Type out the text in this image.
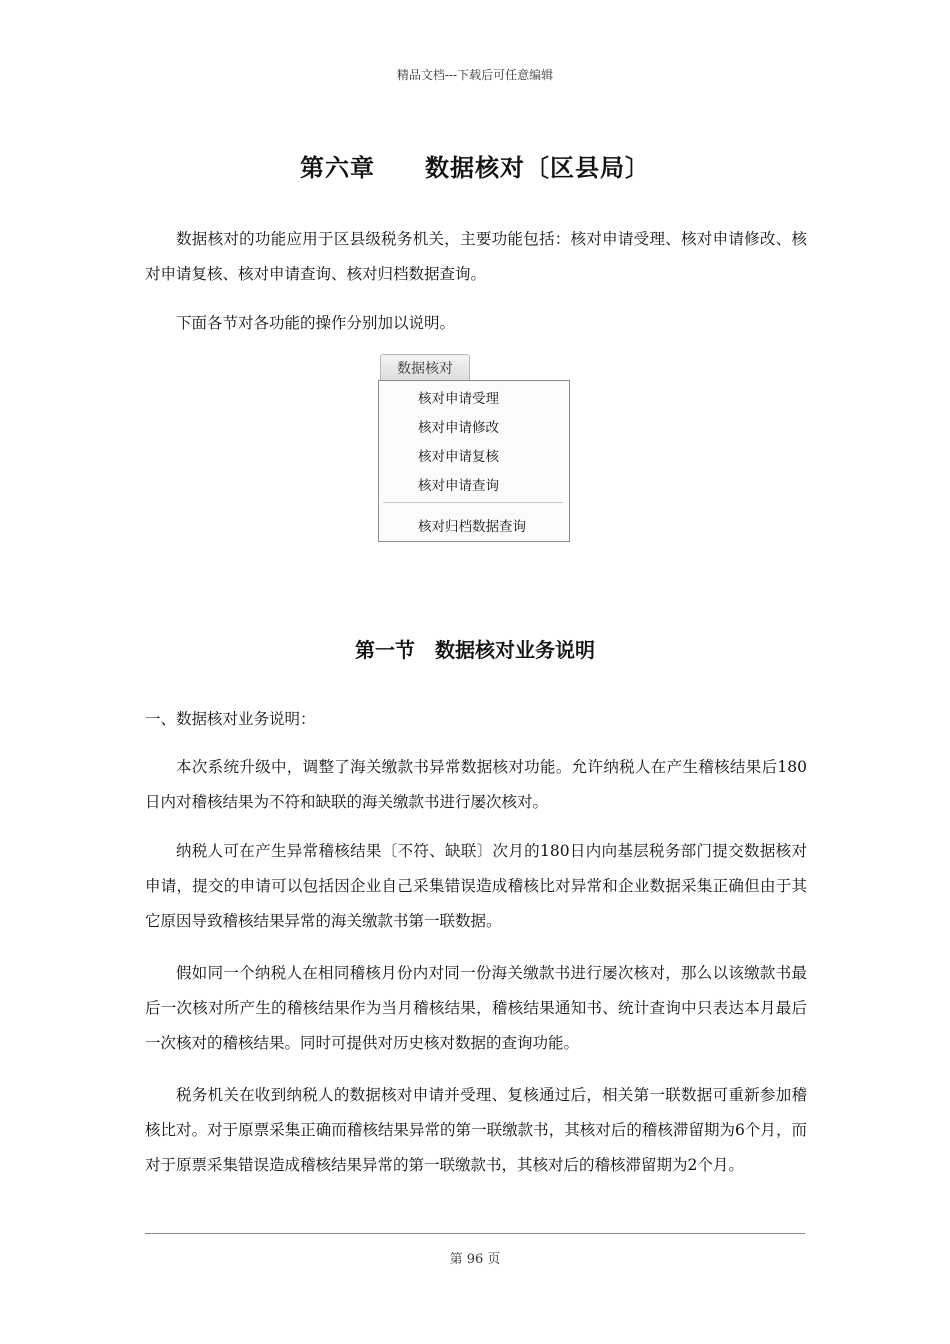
精品文档---下载后可任意编辑
第六章　　数据核对〔区县局〕

数据核对的功能应用于区县级税务机关，主要功能包括：核对申请受理、核对申请修改、核对申请复核、核对申请查询、核对归档数据查询。

下面各节对各功能的操作分别加以说明。

数据核对
核对申请受理
核对申请修改
核对申请复核
核对申请查询
核对归档数据查询
第一节　数据核对业务说明

一、数据核对业务说明：

本次系统升级中，调整了海关缴款书异常数据核对功能。允许纳税人在产生稽核结果后180日内对稽核结果为不符和缺联的海关缴款书进行屡次核对。

纳税人可在产生异常稽核结果〔不符、缺联〕次月的180日内向基层税务部门提交数据核对申请，提交的申请可以包括因企业自己采集错误造成稽核比对异常和企业数据采集正确但由于其它原因导致稽核结果异常的海关缴款书第一联数据。

假如同一个纳税人在相同稽核月份内对同一份海关缴款书进行屡次核对，那么以该缴款书最后一次核对所产生的稽核结果作为当月稽核结果，稽核结果通知书、统计查询中只表达本月最后一次核对的稽核结果。同时可提供对历史核对数据的查询功能。

税务机关在收到纳税人的数据核对申请并受理、复核通过后，相关第一联数据可重新参加稽核比对。对于原票采集正确而稽核结果异常的第一联缴款书，其核对后的稽核滞留期为6个月，而对于原票采集错误造成稽核结果异常的第一联缴款书，其核对后的稽核滞留期为2个月。

第 96 页
